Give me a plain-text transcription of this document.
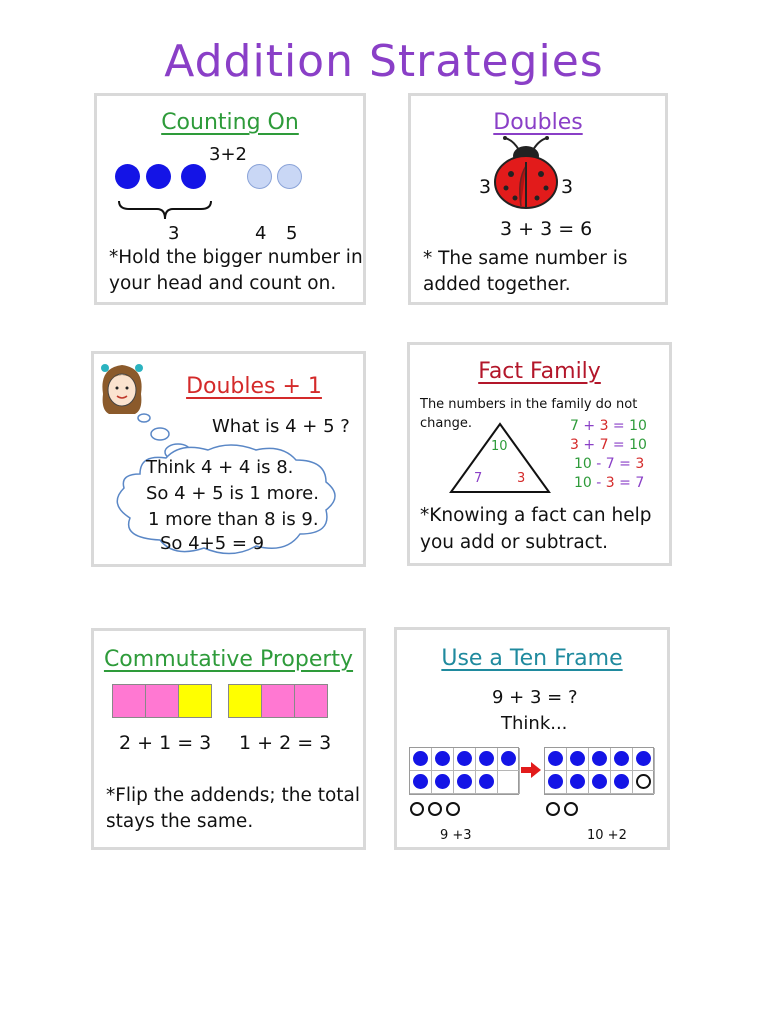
Addition Strategies
Counting On
3+2
3	4 5
*Hold the bigger number in
your head and count on.
Doubles
3	3
3 + 3 = 6
* The same number is
added together.
Doubles + 1
What is 4 + 5 ?
Think 4 + 4 is 8.
So 4 + 5 is 1 more.
1 more than 8 is 9.
So 4+5 = 9
Fact Family
The numbers in the family do not
change.
10
7	3
7 + 3 = 10
3 + 7 = 10
10 - 7 = 3
10 - 3 = 7
*Knowing a fact can help
you add or subtract.
Commutative Property
2 + 1 = 3 1 + 2 = 3
*Flip the addends; the total
stays the same.
Use a Ten Frame
9 + 3 = ?
Think...
9 +3	10 +2
